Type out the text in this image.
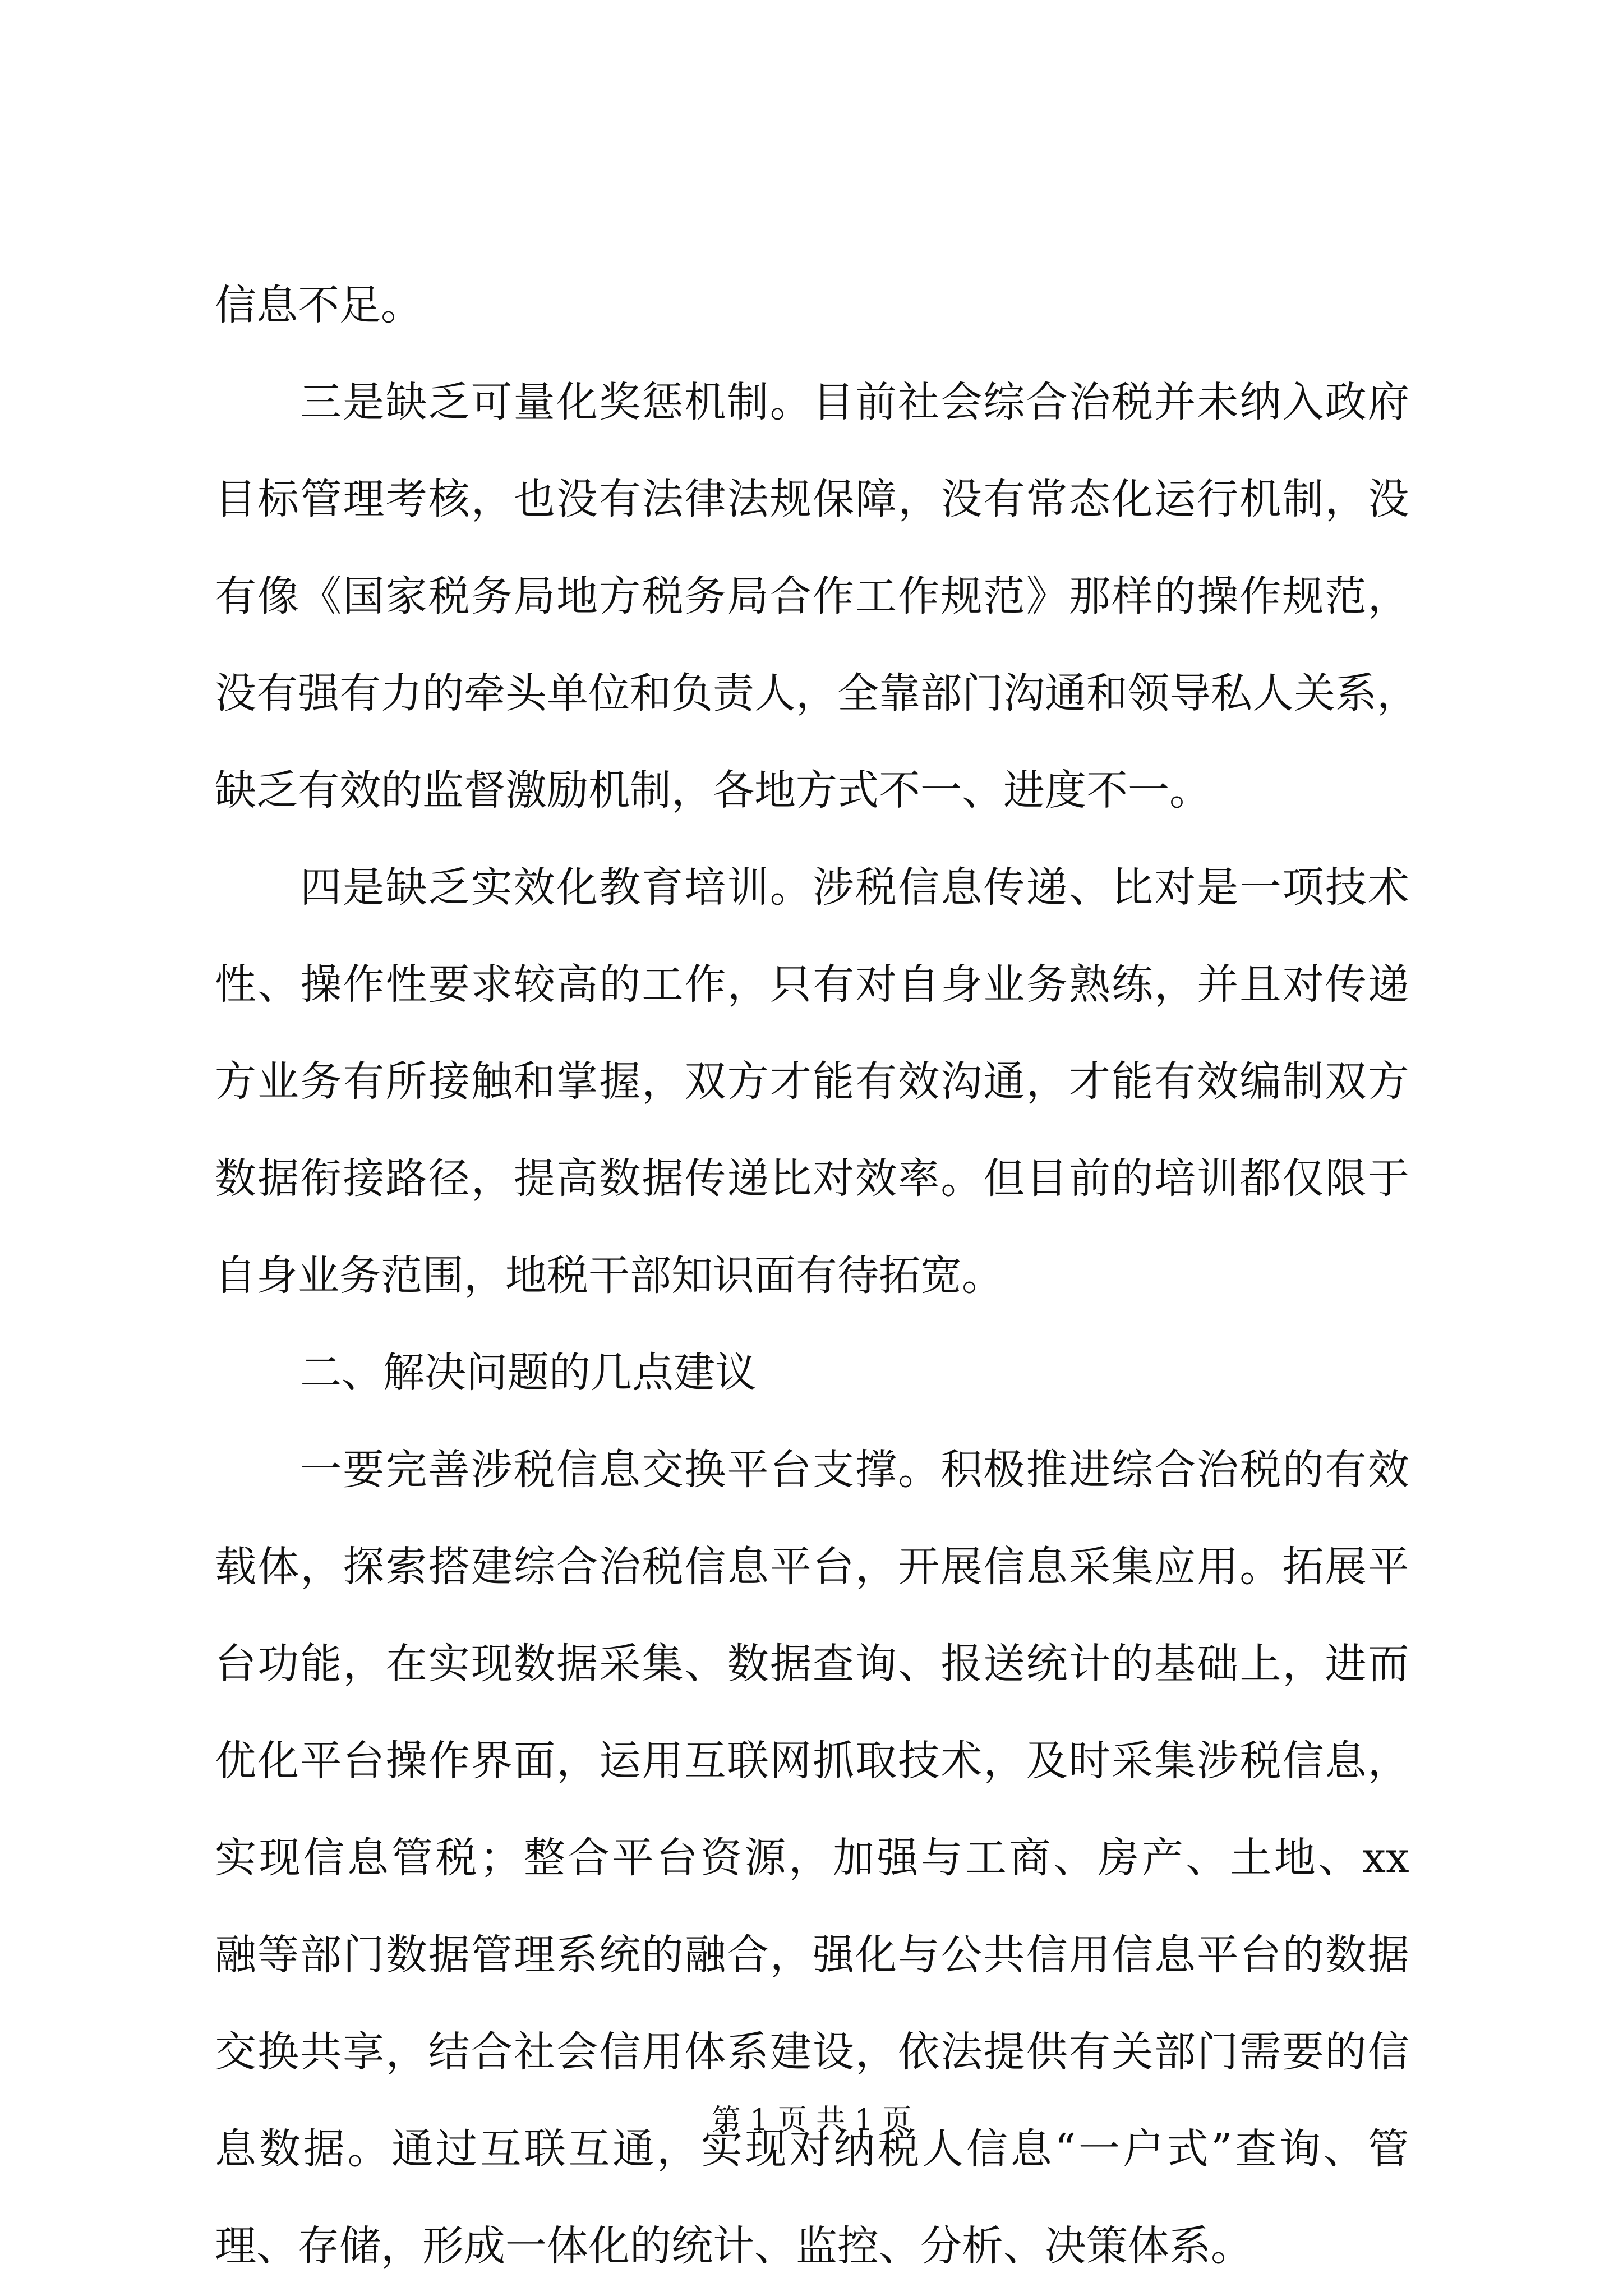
信息不足。
三 是 缺 乏 可 量 化 奖 惩 机 制 。 目 前 社 会 综 合 治 税 并 未 纳 入 政 府
目 标 管 理 考 核 ， 也 没 有 法 律 法 规 保 障 ， 没 有 常 态 化 运 行 机 制 ， 没
有 像 《 国 家 税 务 局 地 方 税 务 局 合 作 工 作 规 范 》 那 样 的 操 作 规 范 ，
没 有 强 有 力 的 牵 头 单 位 和 负 责 人 ， 全 靠 部 门 沟 通 和 领 导 私 人 关 系 ，
缺乏有效的监督激励机制，各地方式不一、进度不一。
四 是 缺 乏 实 效 化 教 育 培 训 。 涉 税 信 息 传 递 、 比 对 是 一 项 技 术
性 、 操 作 性 要 求 较 高 的 工 作 ， 只 有 对 自 身 业 务 熟 练 ， 并 且 对 传 递
方 业 务 有 所 接 触 和 掌 握 ， 双 方 才 能 有 效 沟 通 ， 才 能 有 效 编 制 双 方
数 据 衔 接 路 径 ， 提 高 数 据 传 递 比 对 效 率 。 但 目 前 的 培 训 都 仅 限 于
自身业务范围，地税干部知识面有待拓宽。
二、解决问题的几点建议
一 要 完 善 涉 税 信 息 交 换 平 台 支 撑 。 积 极 推 进 综 合 治 税 的 有 效
载 体 ， 探 索 搭 建 综 合 治 税 信 息 平 台 ， 开 展 信 息 采 集 应 用 。 拓 展 平
台 功 能 ， 在 实 现 数 据 采 集 、 数 据 查 询 、 报 送 统 计 的 基 础 上 ， 进 而
优 化 平 台 操 作 界 面 ， 运 用 互 联 网 抓 取 技 术 ， 及 时 采 集 涉 税 信 息 ，
实 现 信 息 管 税 ； 整 合 平 台 资 源 ， 加 强 与 工 商 、 房 产 、 土 地 、 xx
融 等 部 门 数 据 管 理 系 统 的 融 合 ， 强 化 与 公 共 信 用 信 息 平 台 的 数 据
交 换 共 享 ， 结 合 社 会 信 用 体 系 建 设 ， 依 法 提 供 有 关 部 门 需 要 的 信
息 数 据 。 通 过 互 联 互 通 ， 实 现 对 纳 税 人 信 息 “ 一 户 式 ” 查 询 、 管
理、存储，形成一体化的统计、监控、分析、决策体系。
第 1 页 共 1 页
